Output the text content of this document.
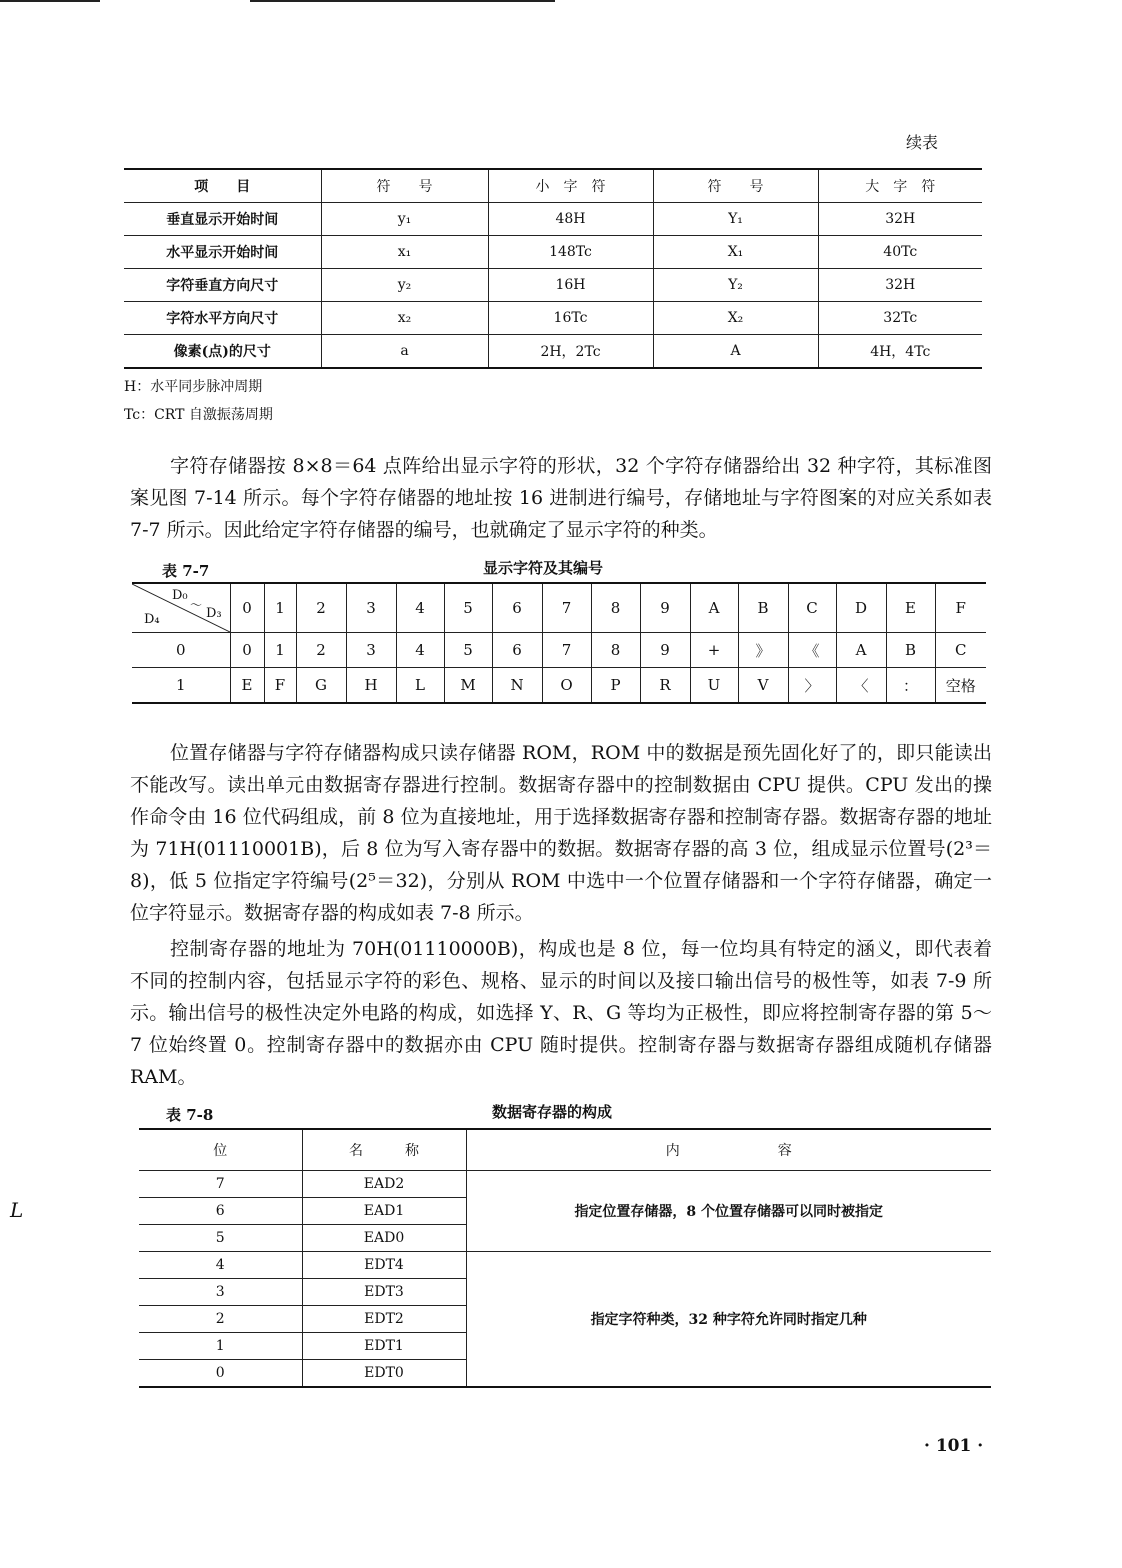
L
续表
项　　目	符　　号	小　字　符	符　　号	大　字　符
垂直显示开始时间	y₁	48H	Y₁	32H
水平显示开始时间	x₁	148Tc	X₁	40Tc
字符垂直方向尺寸	y₂	16H	Y₂	32H
字符水平方向尺寸	x₂	16Tc	X₂	32Tc
像素(点)的尺寸	a	2H，2Tc	A	4H，4Tc
H：水平同步脉冲周期
Tc：CRT 自激振荡周期

字符存储器按 8×8＝64 点阵给出显示字符的形状，32 个字符存储器给出 32 种字符，其标准图案见图 7-14 所示。每个字符存储器的地址按 16 进制进行编号，存储地址与字符图案的对应关系如表 7-7 所示。因此给定字符存储器的编号，也就确定了显示字符的种类。

表 7-7	显示字符及其编号
D₀
～
D₃
D₄	0	1	2	3	4	5	6	7	8	9	A	B	C	D	E	F
0	0	1	2	3	4	5	6	7	8	9	+	》	《	A	B	C
1	E	F	G	H	L	M	N	O	P	R	U	V	〉	〈	：	空格

位置存储器与字符存储器构成只读存储器 ROM，ROM 中的数据是预先固化好了的，即只能读出不能改写。读出单元由数据寄存器进行控制。数据寄存器中的控制数据由 CPU 提供。CPU 发出的操作命令由 16 位代码组成，前 8 位为直接地址，用于选择数据寄存器和控制寄存器。数据寄存器的地址为 71H(01110001B)，后 8 位为写入寄存器中的数据。数据寄存器的高 3 位，组成显示位置号(2³＝8)，低 5 位指定字符编号(2⁵＝32)，分别从 ROM 中选中一个位置存储器和一个字符存储器，确定一位字符显示。数据寄存器的构成如表 7-8 所示。

控制寄存器的地址为 70H(01110000B)，构成也是 8 位，每一位均具有特定的涵义，即代表着不同的控制内容，包括显示字符的彩色、规格、显示的时间以及接口输出信号的极性等，如表 7-9 所示。输出信号的极性决定外电路的构成，如选择 Y、R、G 等均为正极性，即应将控制寄存器的第 5～7 位始终置 0。控制寄存器中的数据亦由 CPU 随时提供。控制寄存器与数据寄存器组成随机存储器 RAM。

表 7-8	数据寄存器的构成
位	名　　　称	内　　　　　　　容
7	EAD2	指定位置存储器，8 个位置存储器可以同时被指定
6	EAD1	
5	EAD0	
4	EDT4	指定字符种类，32 种字符允许同时指定几种
3	EDT3	
2	EDT2	
1	EDT1	
0	EDT0	
· 101 ·
